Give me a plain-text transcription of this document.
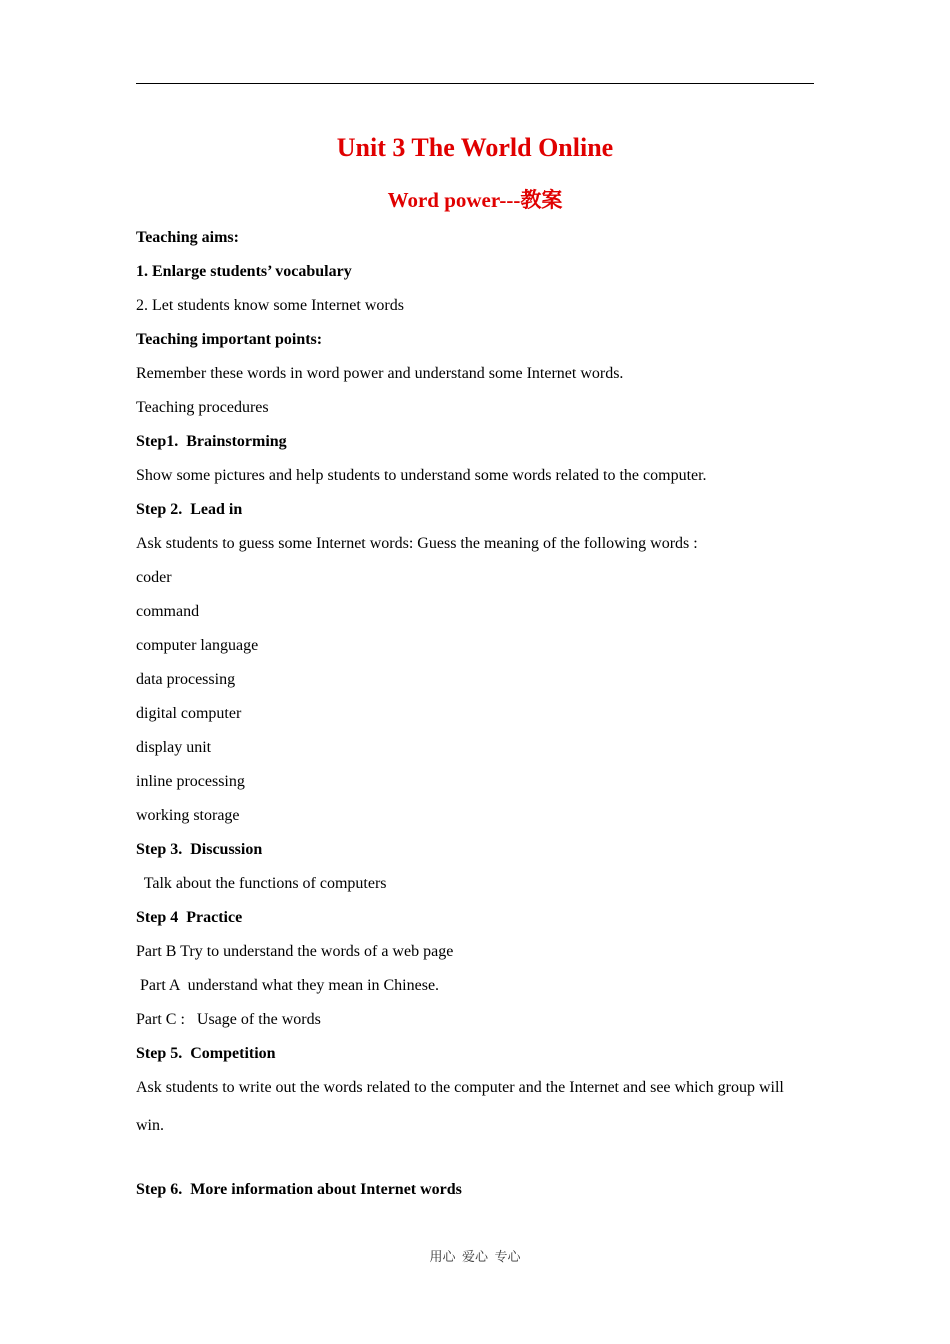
Unit 3 The World Online
Word power---教案
Teaching aims:
1. Enlarge students’ vocabulary
2. Let students know some Internet words
Teaching important points:
Remember these words in word power and understand some Internet words.
Teaching procedures
Step1.  Brainstorming
Show some pictures and help students to understand some words related to the computer.
Step 2.  Lead in
Ask students to guess some Internet words: Guess the meaning of the following words :
coder
command
computer language
data processing
digital computer
display unit
inline processing
working storage
Step 3.  Discussion
Talk about the functions of computers
Step 4  Practice
Part B Try to understand the words of a web page
Part A  understand what they mean in Chinese.
Part C :   Usage of the words
Step 5.  Competition
Ask students to write out the words related to the computer and the Internet and see which group will
win.
Step 6.  More information about Internet words
用心  爱心  专心
